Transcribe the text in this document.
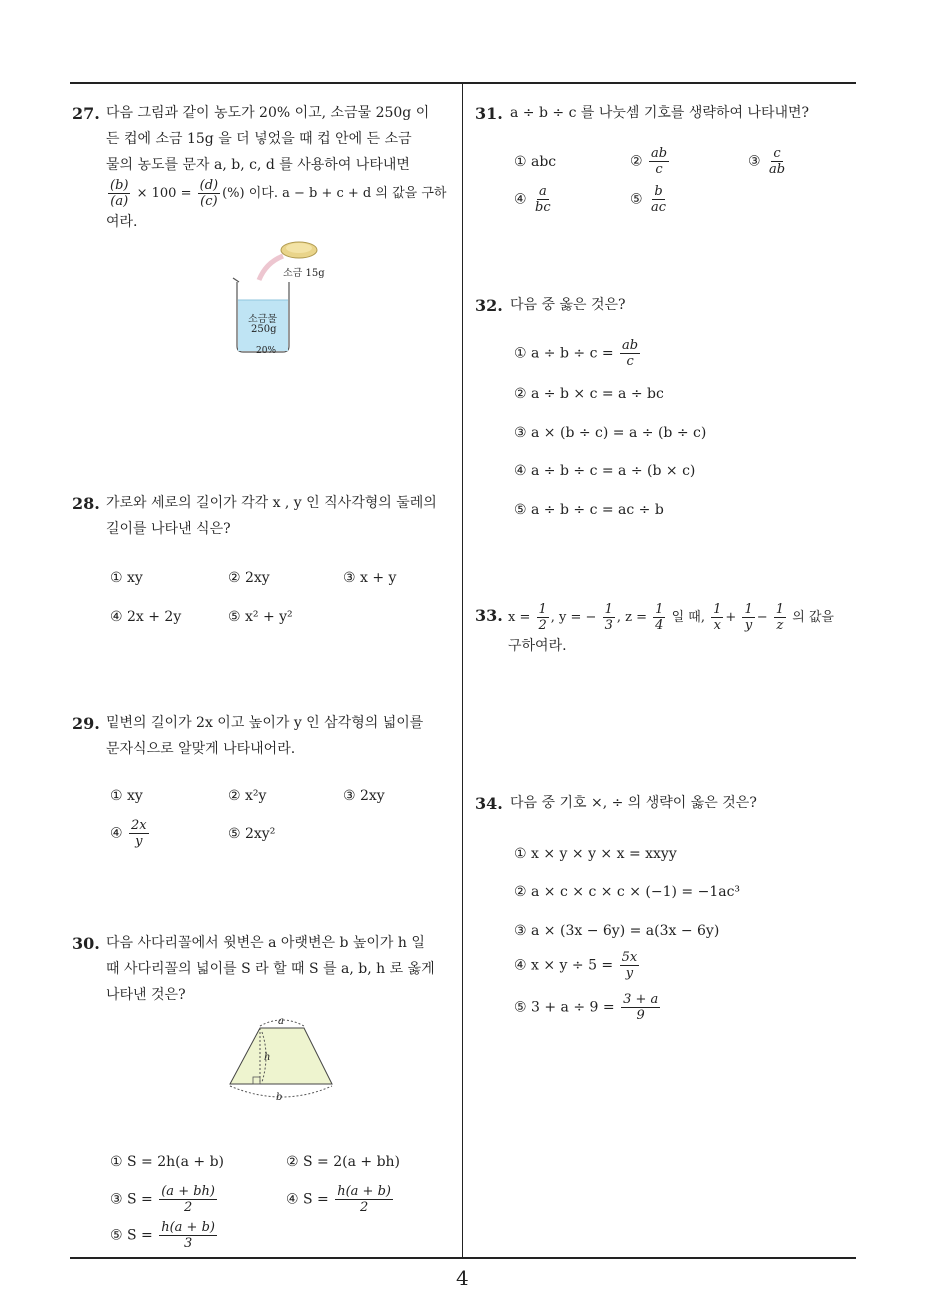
27. 다음 그림과 같이 농도가 20% 이고, 소금물 250g 이
든 컵에 소금 15g 을 더 넣었을 때 컵 안에 든 소금
물의 농도를 문자 a, b, c, d 를 사용하여 나타내면
$\frac{(b)}{(a)} \times 100 = \frac{(d)}{(c)}$ (%) 이다. a − b + c + d 의 값을 구하
여라.
소금 15g
소금물
250g
20%
28. 가로와 세로의 길이가 각각 x , y 인 직사각형의 둘레의
길이를 나타낸 식은?
① xy	② 2xy	③ x + y
④ 2x + 2y	⑤ x² + y²
29. 밑변의 길이가 2x 이고 높이가 y 인 삼각형의 넓이를
문자식으로 알맞게 나타내어라.
① xy	② x²y	③ 2xy
④ $\frac{2x}{y}$	⑤ 2xy²
30. 다음 사다리꼴에서 윗변은 a 아랫변은 b 높이가 h 일
때 사다리꼴의 넓이를 S 라 할 때 S 를 a, b, h 로 옳게
나타낸 것은?
a
h
b
① S = 2h(a + b)	② S = 2(a + bh)
③ $S = \frac{(a + bh)}{2}$	④ $S = \frac{h(a + b)}{2}$
⑤ $S = \frac{h(a + b)}{3}$
31. a ÷ b ÷ c 를 나눗셈 기호를 생략하여 나타내면?
① abc	② $\frac{ab}{c}$	③ $\frac{c}{ab}$
④ $\frac{a}{bc}$	⑤ $\frac{b}{ac}$
32. 다음 중 옳은 것은?
① $a \div b \div c = \frac{ab}{c}$
② a ÷ b × c = a ÷ bc
③ a × (b ÷ c) = a ÷ (b ÷ c)
④ a ÷ b ÷ c = a ÷ (b × c)
⑤ a ÷ b ÷ c = ac ÷ b
33. $x = \frac{1}{2}$ , y = − $\frac{1}{3}$ , $z = \frac{1}{4}$ 일 때, $\frac{1}{x} + \frac{1}{y} - \frac{1}{z}$ 의 값을
구하여라.
34. 다음 중 기호 ×, ÷ 의 생략이 옳은 것은?
① x × y × y × x = xxyy
② a × c × c × c × (−1) = −1ac³
③ a × (3x − 6y) = a(3x − 6y)
④ $x \times y \div 5 = \frac{5x}{y}$
⑤ $3 + a \div 9 = \frac{3 + a}{9}$
4
